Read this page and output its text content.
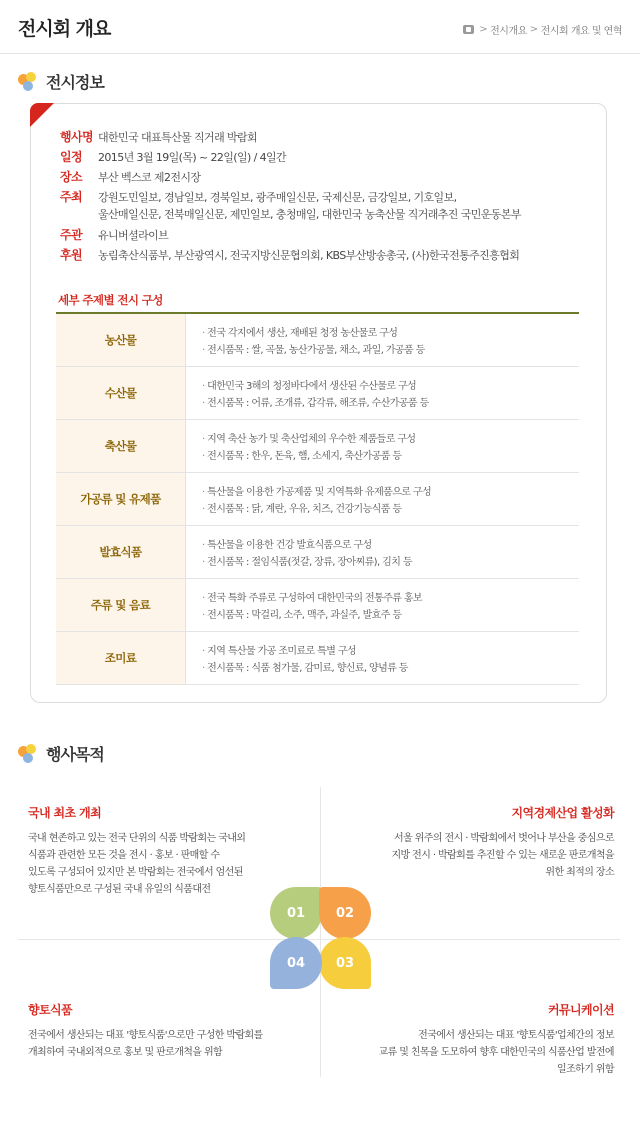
전시회 개요	> 전시개요 > 전시회 개요 및 연혁
전시정보
행사명 대한민국 대표특산물 직거래 박람회
일정	2015년 3월 19일(목) ~ 22일(일) / 4일간
장소	부산 벡스코 제2전시장
주최	강원도민일보, 경남일보, 경북일보, 광주매일신문, 국제신문, 금강일보, 기호일보,
울산매일신문, 전북매일신문, 제민일보, 충청매일, 대한민국 농축산물 직거래추진 국민운동본부
주관	유니버셜라이브
후원	농림축산식품부, 부산광역시, 전국지방신문협의회, KBS부산방송총국, (사)한국전통주진흥협회
세부 주제별 전시 구성
농산물	· 전국 각지에서 생산, 재배된 청정 농산물로 구성
· 전시품목 : 쌀, 곡물, 농산가공물, 채소, 과일, 가공품 등
수산물	· 대한민국 3해의 청정바다에서 생산된 수산물로 구성
· 전시품목 : 어류, 조개류, 갑각류, 해조류, 수산가공품 등
축산물	· 지역 축산 농가 및 축산업체의 우수한 제품들로 구성
· 전시품목 : 한우, 돈육, 햄, 소세지, 축산가공품 등
가공류 및 유제품	· 특산물을 이용한 가공제품 및 지역특화 유제품으로 구성
· 전시품목 : 닭, 계란, 우유, 치즈, 건강기능식품 등
발효식품	· 특산물을 이용한 건강 발효식품으로 구성
· 전시품목 : 절임식품(젓갈, 장류, 장아찌류), 김치 등
주류 및 음료	· 전국 특화 주류로 구성하여 대한민국의 전통주류 홍보
· 전시품목 : 막걸리, 소주, 맥주, 과실주, 발효주 등
조미료	· 지역 특산물 가공 조미료로 특별 구성
· 전시품목 : 식품 첨가물, 감미료, 향신료, 양념류 등
행사목적
국내 최초 개최
국내 현존하고 있는 전국 단위의 식품 박람회는 국내외
식품과 관련한 모든 것을 전시 · 홍보 · 판매할 수
있도록 구성되어 있지만 본 박람회는 전국에서 엄선된
향토식품만으로 구성된 국내 유일의 식품대전
지역경제산업 활성화
서울 위주의 전시 · 박람회에서 벗어나 부산을 중심으로
지방 전시 · 박람회를 추진할 수 있는 새로운 판로개척을
위한 최적의 장소
향토식품
전국에서 생산되는 대표 '향토식품'으로만 구성한 박람회를
개최하여 국내외적으로 홍보 및 판로개척을 위함
커뮤니케이션
전국에서 생산되는 대표 '향토식품'업체간의 정보
교류 및 친목을 도모하여 향후 대한민국의 식품산업 발전에
일조하기 위함
01	02
03
04
